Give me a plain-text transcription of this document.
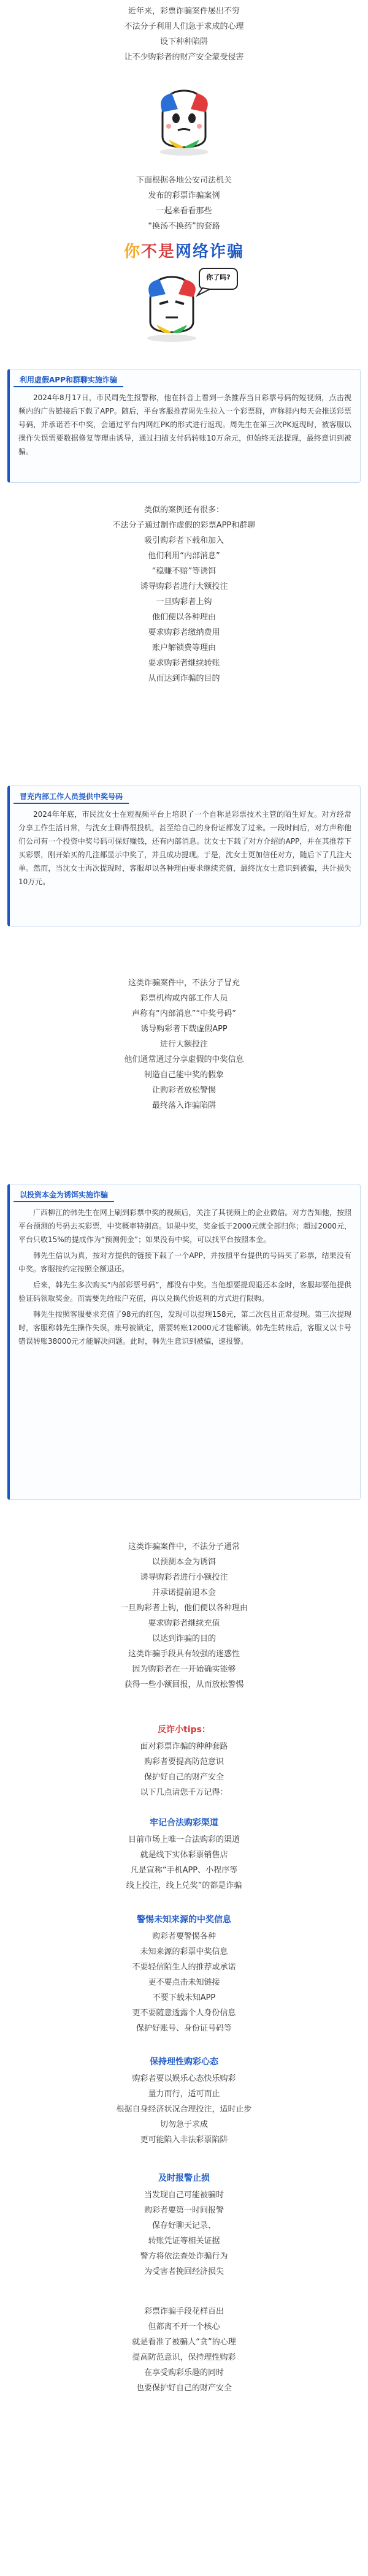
近年来，彩票诈骗案件屡出不穷
不法分子利用人们急于求成的心理
设下种种陷阱
让不少购彩者的财产安全蒙受侵害
下面根据各地公安司法机关
发布的彩票诈骗案例
一起来看看那些
“换汤不换药”的套路
你不是网络诈骗
你了吗?
利用虚假APP和群聊实施诈骗

2024年8月17日，市民周先生报警称，他在抖音上看到一条推荐当日彩票号码的短视频，点击视频内的广告链接后下载了APP。随后，平台客服推荐周先生拉入一个彩票群，声称群内每天会推送彩票号码，并承诺若不中奖，会通过平台内网红PK的形式进行返现。周先生在第三次PK返现时，被客服以操作失误需要数据修复等理由诱导，通过扫描支付码转账10万余元，但始终无法提现，最终意识到被骗。

类似的案例还有很多：
不法分子通过制作虚假的彩票APP和群聊
吸引购彩者下载和加入
他们利用“内部消息”
“稳赚不赔”等诱饵
诱导购彩者进行大额投注
一旦购彩者上钩
他们便以各种理由
要求购彩者缴纳费用
账户解锁费等理由
要求购彩者继续转账
从而达到诈骗的目的
冒充内部工作人员提供中奖号码

2024年年底，市民沈女士在短视频平台上培识了一个自称是彩票技术主管的陌生好友。对方经常分享工作生活日常，与沈女士聊得很投机，甚至给自己的身份证都发了过来。一段时间后，对方声称他们公司有一个投资中奖号码可保好赚钱，还有内部消息。沈女士下载了对方介绍的APP，并在其推荐下买彩票，刚开始买的几注都显示中奖了，并且成功提现。于是，沈女士更加信任对方，随后下了几注大单。然而，当沈女士再次提现时，客服却以各种理由要求继续充值，最终沈女士意识到被骗，共计损失10万元。

这类诈骗案件中，不法分子冒充
彩票机构或内部工作人员
声称有“内部消息”“中奖号码”
诱导购彩者下载虚假APP
进行大额投注
他们通常通过分享虚假的中奖信息
制造自己能中奖的假象
让购彩者放松警惕
最终落入诈骗陷阱
以投资本金为诱饵实施诈骗

广西柳江的韩先生在网上刷到彩票中奖的视频后，关注了其视频上的企业微信。对方告知他，按照平台预测的号码去买彩票，中奖概率特别高。如果中奖，奖金低于2000元就全部归你；超过2000元，平台只收15%的提成作为“预测佣金”；如果没有中奖，可以找平台按照本金。

韩先生信以为真，按对方提供的链接下载了一个APP，并按照平台提供的号码买了彩票，结果没有中奖。客服按约定按照全额退还。

后来，韩先生多次购买“内部彩票号码”，都没有中奖。当他想要提现退还本金时，客服却要他提供验证码领取奖金。而需要先给账户充值，再以兑换代价返利的方式进行限购。

韩先生按照客服要求充值了98元的红包，发现可以提现158元，第二次包且正常提现。第三次提现时，客服称韩先生操作失误，账号被锁定，需要转账12000元才能解锁。韩先生转账后，客服又以卡号错误转账38000元才能解决问题。此时，韩先生意识到被骗，速报警。

这类诈骗案件中，不法分子通常
以预测本金为诱饵
诱导购彩者进行小额投注
并承诺提前退本金
一旦购彩者上钩，他们便以各种理由
要求购彩者继续充值
以达到诈骗的目的
这类诈骗手段具有较强的迷惑性
因为购彩者在一开始确实能够
获得一些小额回报，从而放松警惕
反诈小tips：
面对彩票诈骗的种种套路
购彩者要提高防范意识
保护好自己的财产安全
以下几点请您千万记得：
牢记合法购彩渠道
目前市场上唯一合法购彩的渠道
就是线下实体彩票销售店
凡是宣称“手机APP、小程序等
线上投注，线上兑奖”的都是诈骗
警惕未知来源的中奖信息
购彩者要警惕各种
未知来源的彩票中奖信息
不要轻信陌生人的推荐或承诺
更不要点击未知链接
不要下载未知APP
更不要随意透露个人身份信息
保护好账号、身份证号码等
保持理性购彩心态
购彩者要以娱乐心态快乐购彩
量力而行，适可而止
根据自身经济状况合理投注，适时止步
切勿急于求成
更可能陷入非法彩票陷阱
及时报警止损
当发现自己可能被骗时
购彩者要第一时间报警
保存好聊天记录、
转账凭证等相关证据
警方将依法查处诈骗行为
为受害者挽回经济损失
彩票诈骗手段花样百出
但都离不开一个核心
就是看准了被骗人“贪”的心理
提高防范意识，保持理性购彩
在享受购彩乐趣的同时
也要保护好自己的财产安全
